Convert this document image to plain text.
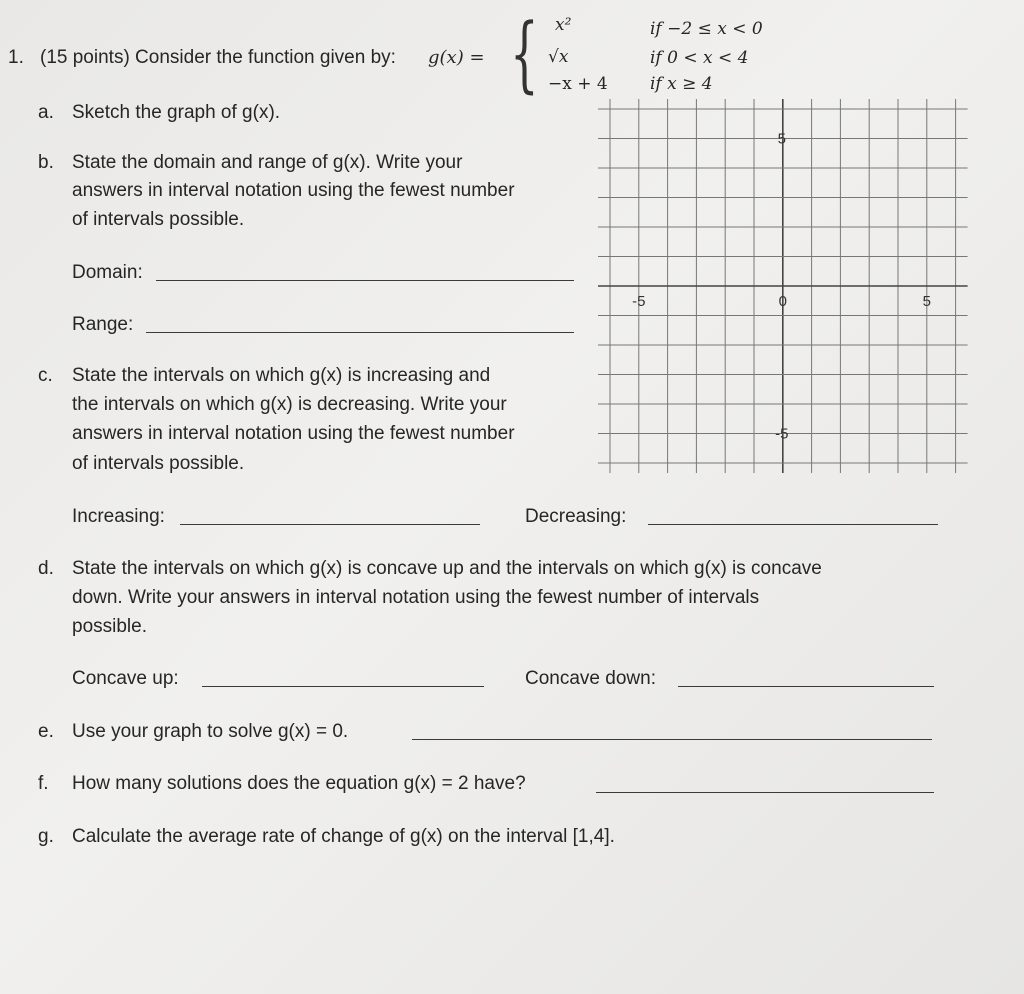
1. (15 points) Consider the function given by: g(x) = { x²	if −2 ≤ x < 0
√x	if 0 < x < 4
−x + 4 if x ≥ 4
a. Sketch the graph of g(x).
b. State the domain and range of g(x). Write your
answers in interval notation using the fewest number
of intervals possible.
Domain:
Range:
c. State the intervals on which g(x) is increasing and
the intervals on which g(x) is decreasing. Write your
answers in interval notation using the fewest number
of intervals possible.
Increasing:	Decreasing:
d. State the intervals on which g(x) is concave up and the intervals on which g(x) is concave
down. Write your answers in interval notation using the fewest number of intervals
possible.
Concave up:	Concave down:
e. Use your graph to solve g(x) = 0.
f. How many solutions does the equation g(x) = 2 have?
g. Calculate the average rate of change of g(x) on the interval [1,4].
-5	0	5
5
-5
